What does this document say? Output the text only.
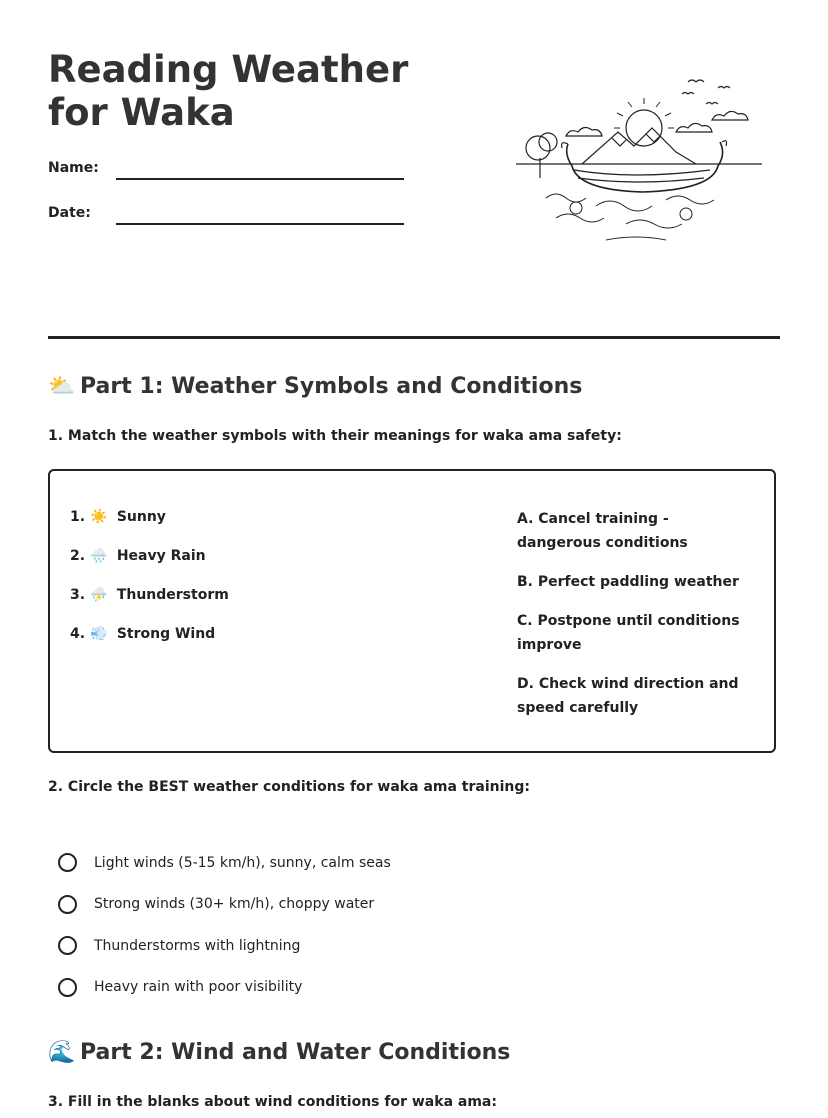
Reading Weather for Waka
Name:
Date:
⛅ Part 1: Weather Symbols and Conditions
1. Match the weather symbols with their meanings for waka ama safety:
1. ☀️ Sunny
2. 🌧️ Heavy Rain
3. ⛈️ Thunderstorm
4. 💨 Strong Wind
A. Cancel training - dangerous conditions
B. Perfect paddling weather
C. Postpone until conditions improve
D. Check wind direction and speed carefully
2. Circle the BEST weather conditions for waka ama training:
Light winds (5-15 km/h), sunny, calm seas
Strong winds (30+ km/h), choppy water
Thunderstorms with lightning
Heavy rain with poor visibility
🌊 Part 2: Wind and Water Conditions
3. Fill in the blanks about wind conditions for waka ama:
